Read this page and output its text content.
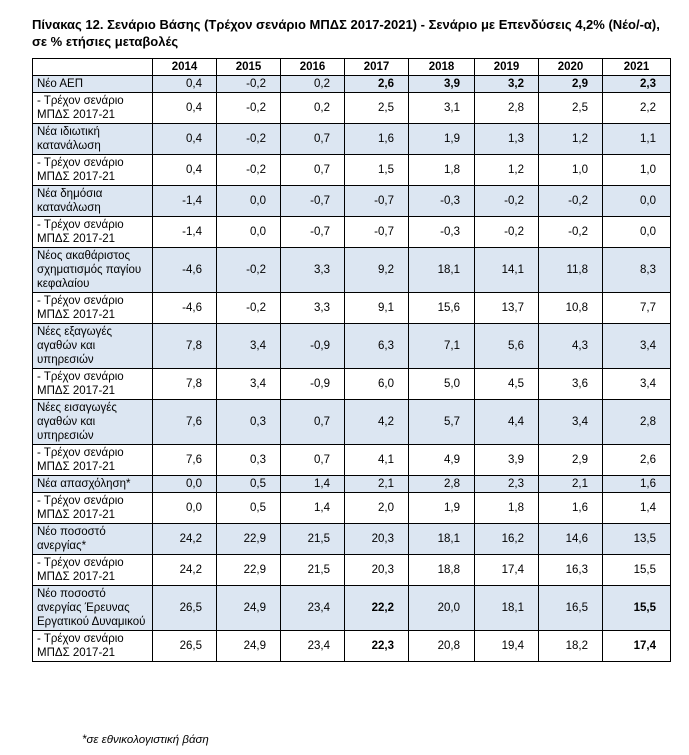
Πίνακας 12. Σενάριο Βάσης (Τρέχον σενάριο ΜΠΔΣ 2017-2021) - Σενάριο με Επενδύσεις 4,2% (Νέο/-α), σε % ετήσιες μεταβολές
	2014	2015	2016	2017	2018	2019	2020	2021
Νέο ΑΕΠ	0,4	-0,2	0,2	2,6	3,9	3,2	2,9	2,3
- Τρέχον σενάριο ΜΠΔΣ 2017-21	0,4	-0,2	0,2	2,5	3,1	2,8	2,5	2,2
Νέα ιδιωτική κατανάλωση	0,4	-0,2	0,7	1,6	1,9	1,3	1,2	1,1
- Τρέχον σενάριο ΜΠΔΣ 2017-21	0,4	-0,2	0,7	1,5	1,8	1,2	1,0	1,0
Νέα δημόσια κατανάλωση	-1,4	0,0	-0,7	-0,7	-0,3	-0,2	-0,2	0,0
- Τρέχον σενάριο ΜΠΔΣ 2017-21	-1,4	0,0	-0,7	-0,7	-0,3	-0,2	-0,2	0,0
Νέος ακαθάριστος σχηματισμός παγίου κεφαλαίου	-4,6	-0,2	3,3	9,2	18,1	14,1	11,8	8,3
- Τρέχον σενάριο ΜΠΔΣ 2017-21	-4,6	-0,2	3,3	9,1	15,6	13,7	10,8	7,7
Νέες εξαγωγές αγαθών και υπηρεσιών	7,8	3,4	-0,9	6,3	7,1	5,6	4,3	3,4
- Τρέχον σενάριο ΜΠΔΣ 2017-21	7,8	3,4	-0,9	6,0	5,0	4,5	3,6	3,4
Νέες εισαγωγές αγαθών και υπηρεσιών	7,6	0,3	0,7	4,2	5,7	4,4	3,4	2,8
- Τρέχον σενάριο ΜΠΔΣ 2017-21	7,6	0,3	0,7	4,1	4,9	3,9	2,9	2,6
Νέα απασχόληση*	0,0	0,5	1,4	2,1	2,8	2,3	2,1	1,6
- Τρέχον σενάριο ΜΠΔΣ 2017-21	0,0	0,5	1,4	2,0	1,9	1,8	1,6	1,4
Νέο ποσοστό ανεργίας*	24,2	22,9	21,5	20,3	18,1	16,2	14,6	13,5
- Τρέχον σενάριο ΜΠΔΣ 2017-21	24,2	22,9	21,5	20,3	18,8	17,4	16,3	15,5
Νέο ποσοστό ανεργίας Έρευνας Εργατικού Δυναμικού	26,5	24,9	23,4	22,2	20,0	18,1	16,5	15,5
- Τρέχον σενάριο ΜΠΔΣ 2017-21	26,5	24,9	23,4	22,3	20,8	19,4	18,2	17,4
*σε εθνικολογιστική βάση
